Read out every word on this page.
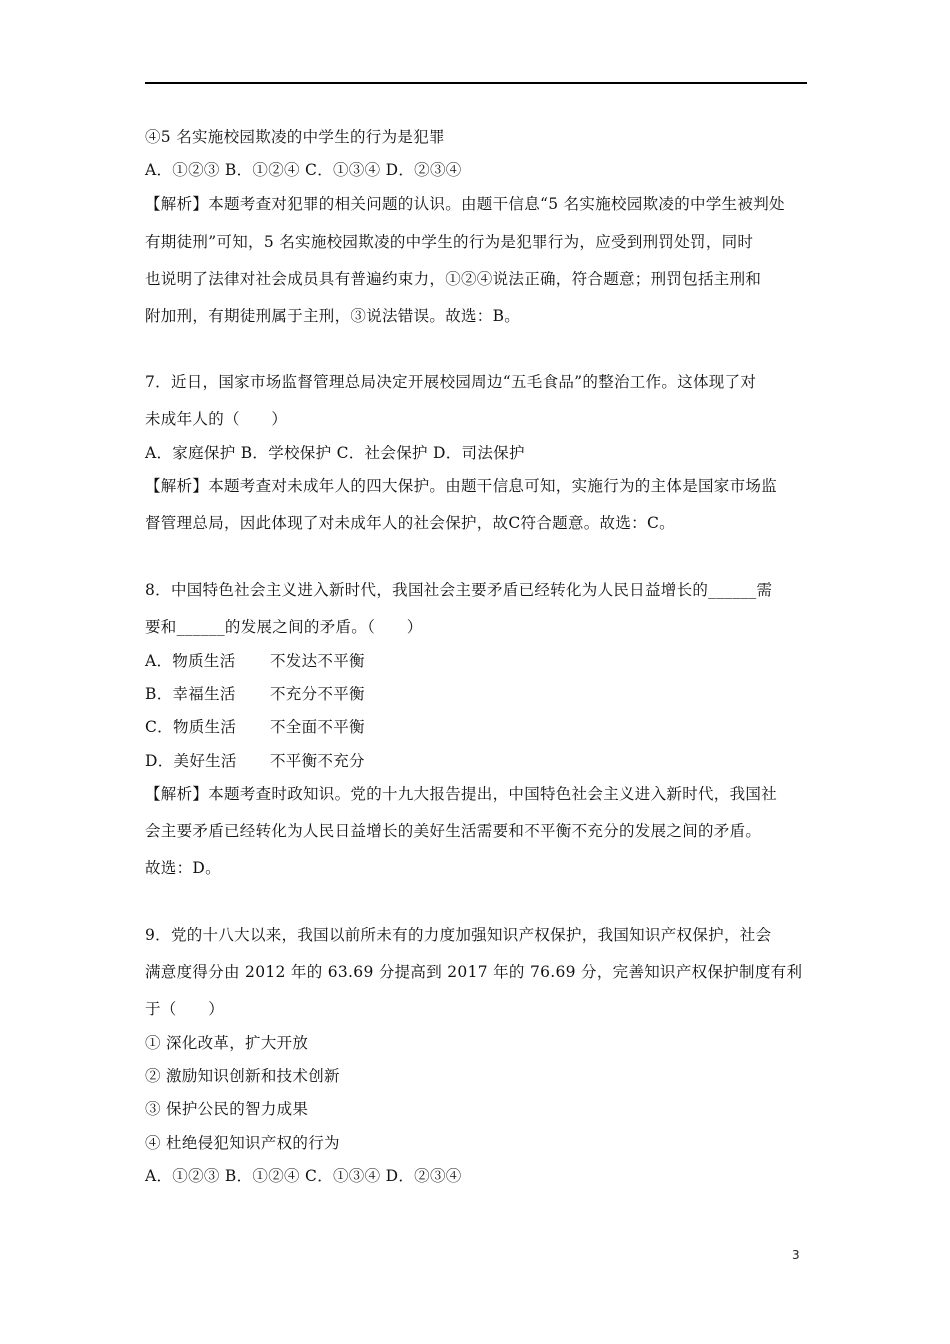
④5 名实施校园欺凌的中学生的行为是犯罪
A．①②③ B．①②④ C．①③④ D．②③④
【解析】本题考查对犯罪的相关问题的认识。由题干信息“5 名实施校园欺凌的中学生被判处
有期徒刑”可知，5 名实施校园欺凌的中学生的行为是犯罪行为，应受到刑罚处罚，同时
也说明了法律对社会成员具有普遍约束力，①②④说法正确，符合题意；刑罚包括主刑和
附加刑，有期徒刑属于主刑，③说法错误。故选：B。
7．近日，国家市场监督管理总局决定开展校园周边“五毛食品”的整治工作。这体现了对
未成年人的（　　）
A．家庭保护 B．学校保护 C．社会保护 D．司法保护
【解析】本题考查对未成年人的四大保护。由题干信息可知，实施行为的主体是国家市场监
督管理总局，因此体现了对未成年人的社会保护，故C符合题意。故选：C。
8．中国特色社会主义进入新时代，我国社会主要矛盾已经转化为人民日益增长的______需
要和______的发展之间的矛盾。（　　）
A．物质生活 不发达不平衡
B．幸福生活 不充分不平衡
C．物质生活 不全面不平衡
D．美好生活 不平衡不充分
【解析】本题考查时政知识。党的十九大报告提出，中国特色社会主义进入新时代，我国社
会主要矛盾已经转化为人民日益增长的美好生活需要和不平衡不充分的发展之间的矛盾。
故选：D。
9．党的十八大以来，我国以前所未有的力度加强知识产权保护，我国知识产权保护，社会
满意度得分由 2012 年的 63.69 分提高到 2017 年的 76.69 分，完善知识产权保护制度有利
于（　　）
① 深化改革，扩大开放
② 激励知识创新和技术创新
③ 保护公民的智力成果
④ 杜绝侵犯知识产权的行为
A．①②③ B．①②④ C．①③④ D．②③④
3
